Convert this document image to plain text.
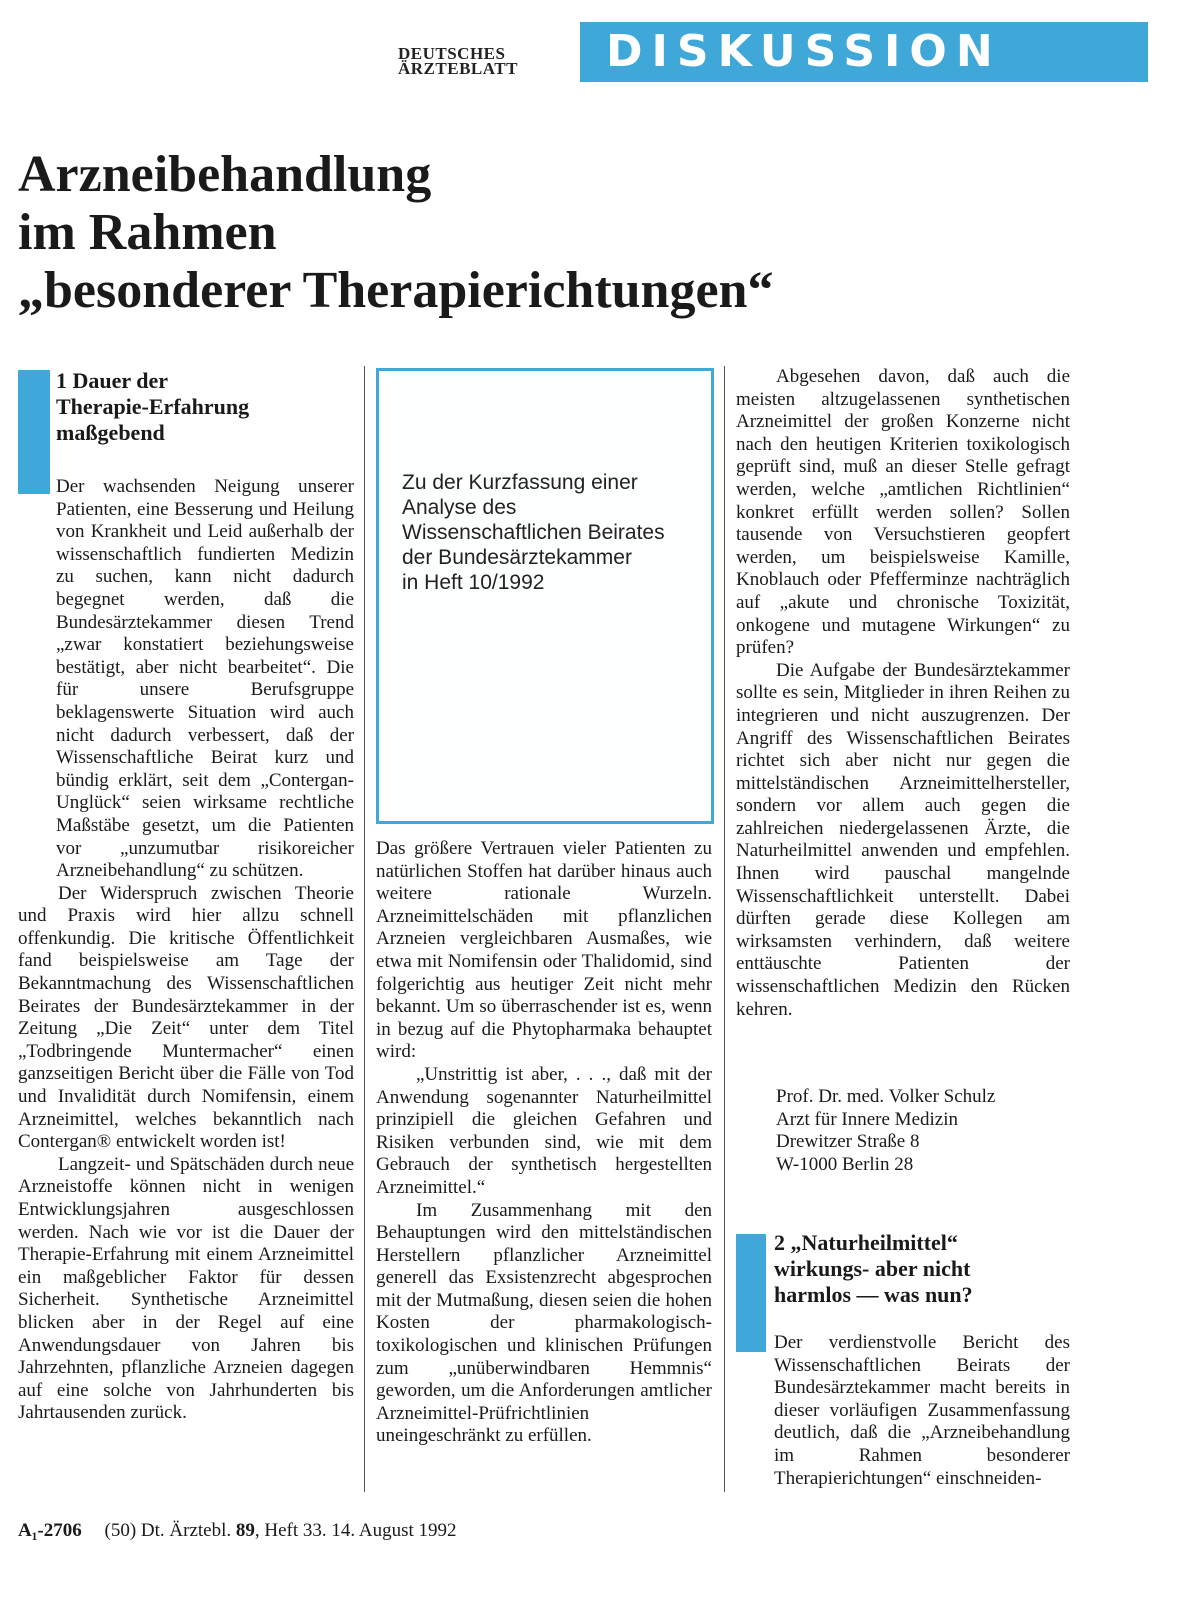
DEUTSCHES
ÄRZTEBLATT	DISKUSSION
Arzneibehandlung
im Rahmen
„besonderer Therapierichtungen“
1 Dauer der
Therapie-Erfahrung
maßgebend

Der wachsenden Neigung unserer Patienten, eine Besserung und Heilung von Krankheit und Leid außerhalb der wissenschaftlich fundierten Medizin zu suchen, kann nicht dadurch begegnet werden, daß die Bundesärztekammer diesen Trend „zwar konstatiert beziehungsweise bestätigt, aber nicht bearbeitet“. Die für unsere Berufsgruppe beklagenswerte Situation wird auch nicht dadurch verbessert, daß der Wissenschaftliche Beirat kurz und bündig erklärt, seit dem „Contergan-Unglück“ seien wirksame rechtliche Maßstäbe gesetzt, um die Patienten vor „unzumutbar risikoreicher Arzneibehandlung“ zu schützen.

Der Widerspruch zwischen Theorie und Praxis wird hier allzu schnell offenkundig. Die kritische Öffentlichkeit fand beispielsweise am Tage der Bekanntmachung des Wissenschaftlichen Beirates der Bundesärztekammer in der Zeitung „Die Zeit“ unter dem Titel „Todbringende Muntermacher“ einen ganzseitigen Bericht über die Fälle von Tod und Invalidität durch Nomifensin, einem Arzneimittel, welches bekanntlich nach Contergan® entwickelt worden ist!

Langzeit- und Spätschäden durch neue Arzneistoffe können nicht in wenigen Entwicklungsjahren ausgeschlossen werden. Nach wie vor ist die Dauer der Therapie-Erfahrung mit einem Arzneimittel ein maßgeblicher Faktor für dessen Sicherheit. Synthetische Arzneimittel blicken aber in der Regel auf eine Anwendungsdauer von Jahren bis Jahrzehnten, pflanzliche Arzneien dagegen auf eine solche von Jahrhunderten bis Jahrtausenden zurück.

Zu der Kurzfassung einer
Analyse des
Wissenschaftlichen Beirates
der Bundesärztekammer
in Heft 10/1992

Das größere Vertrauen vieler Patienten zu natürlichen Stoffen hat darüber hinaus auch weitere rationale Wurzeln. Arzneimittelschäden mit pflanzlichen Arzneien vergleichbaren Ausmaßes, wie etwa mit Nomifensin oder Thalidomid, sind folgerichtig aus heutiger Zeit nicht mehr bekannt. Um so überraschender ist es, wenn in bezug auf die Phytopharmaka behauptet wird:

„Unstrittig ist aber, . . ., daß mit der Anwendung sogenannter Naturheilmittel prinzipiell die gleichen Gefahren und Risiken verbunden sind, wie mit dem Gebrauch der synthetisch hergestellten Arzneimittel.“

Im Zusammenhang mit den Behauptungen wird den mittelständischen Herstellern pflanzlicher Arzneimittel generell das Exsistenzrecht abgesprochen mit der Mutmaßung, diesen seien die hohen Kosten der pharmakologisch-toxikologischen und klinischen Prüfungen zum „unüberwindbaren Hemmnis“ geworden, um die Anforderungen amtlicher Arzneimittel-Prüfrichtlinien uneingeschränkt zu erfüllen.

Abgesehen davon, daß auch die meisten altzugelassenen synthetischen Arzneimittel der großen Konzerne nicht nach den heutigen Kriterien toxikologisch geprüft sind, muß an dieser Stelle gefragt werden, welche „amtlichen Richtlinien“ konkret erfüllt werden sollen? Sollen tausende von Versuchstieren geopfert werden, um beispielsweise Kamille, Knoblauch oder Pfefferminze nachträglich auf „akute und chronische Toxizität, onkogene und mutagene Wirkungen“ zu prüfen?

Die Aufgabe der Bundesärztekammer sollte es sein, Mitglieder in ihren Reihen zu integrieren und nicht auszugrenzen. Der Angriff des Wissenschaftlichen Beirates richtet sich aber nicht nur gegen die mittelständischen Arzneimittelhersteller, sondern vor allem auch gegen die zahlreichen niedergelassenen Ärzte, die Naturheilmittel anwenden und empfehlen. Ihnen wird pauschal mangelnde Wissenschaftlichkeit unterstellt. Dabei dürften gerade diese Kollegen am wirksamsten verhindern, daß weitere enttäuschte Patienten der wissenschaftlichen Medizin den Rücken kehren.

Prof. Dr. med. Volker Schulz
Arzt für Innere Medizin
Drewitzer Straße 8
W-1000 Berlin 28
2 „Naturheilmittel“
wirkungs- aber nicht
harmlos — was nun?

Der verdienstvolle Bericht des Wissenschaftlichen Beirats der Bundesärztekammer macht bereits in dieser vorläufigen Zusammenfassung deutlich, daß die „Arzneibehandlung im Rahmen besonderer Therapierichtungen“ einschneiden-

A₁-2706 (50) Dt. Ärztebl. 89, Heft 33. 14. August 1992
